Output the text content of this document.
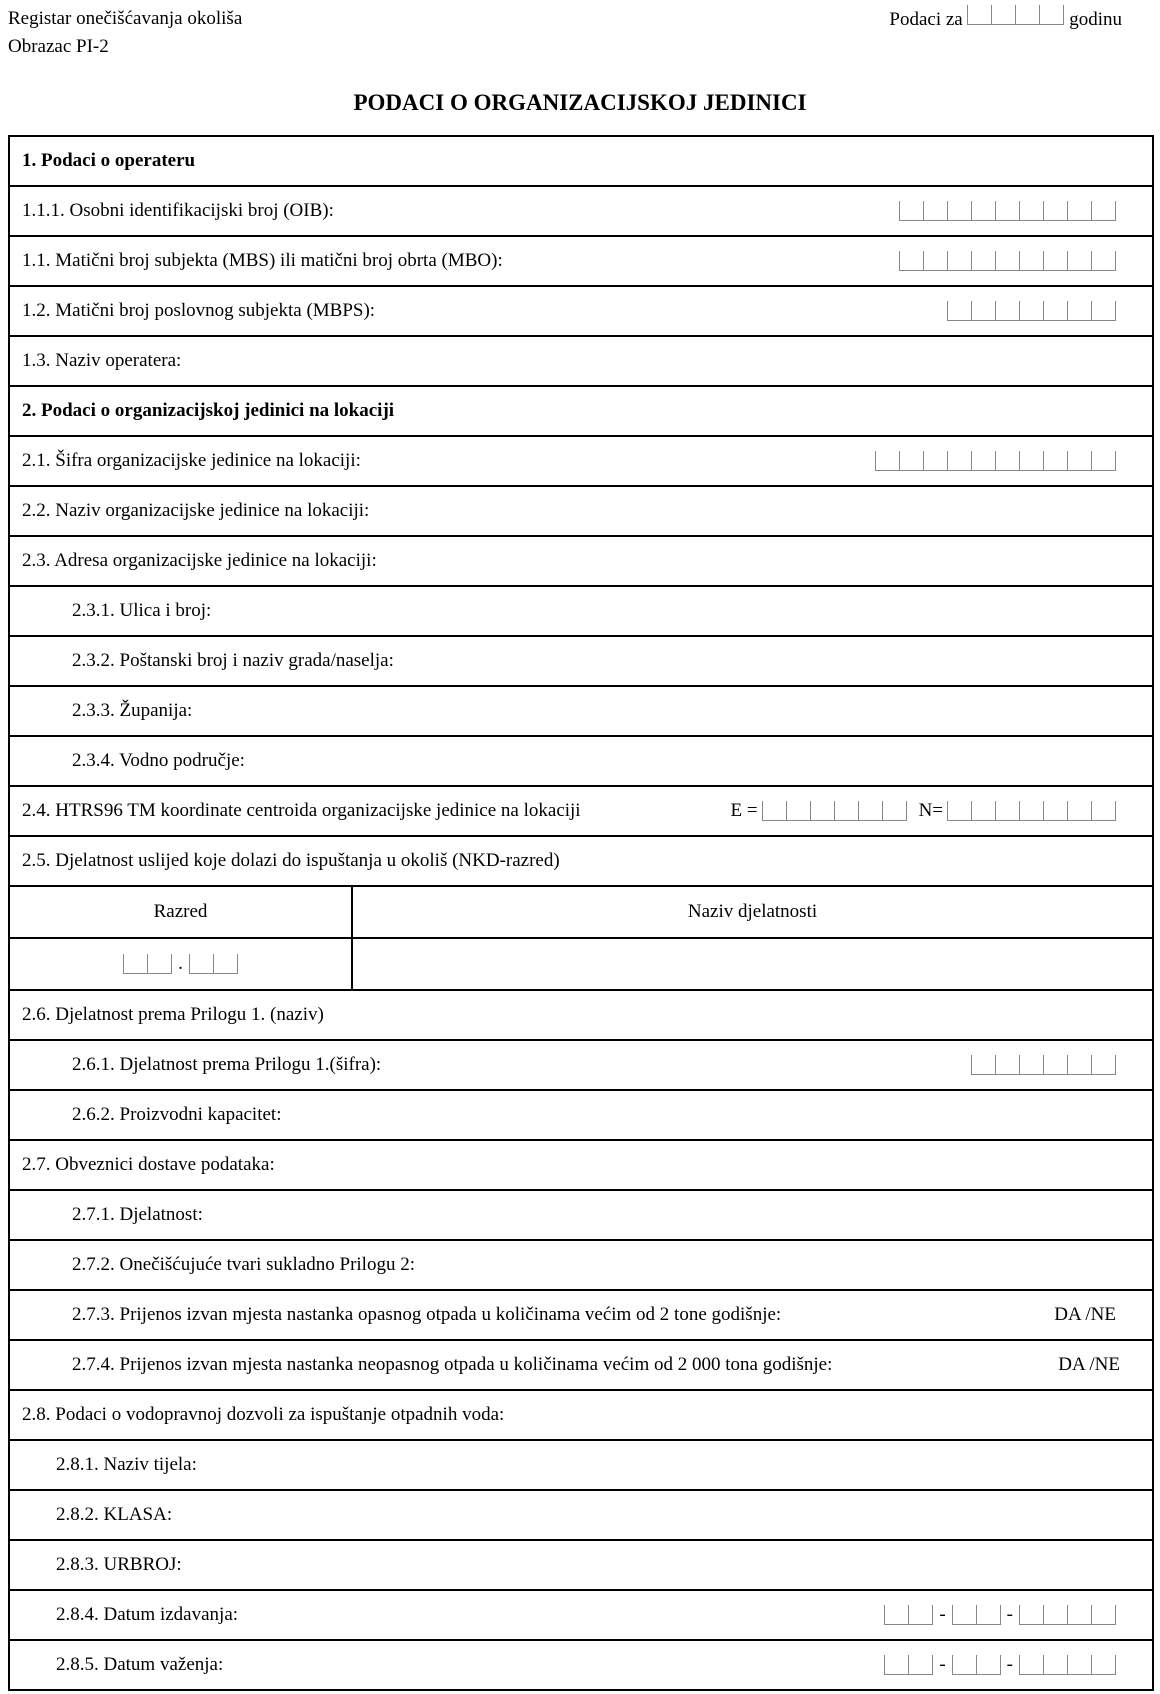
Registar onečišćavanja okoliša
Obrazac PI-2
Podaci za	godinu
PODACI O ORGANIZACIJSKOJ JEDINICI
1. Podaci o operateru
1.1.1. Osobni identifikacijski broj (OIB):
1.1. Matični broj subjekta (MBS) ili matični broj obrta (MBO):
1.2. Matični broj poslovnog subjekta (MBPS):
1.3. Naziv operatera:
2. Podaci o organizacijskoj jedinici na lokaciji
2.1. Šifra organizacijske jedinice na lokaciji:
2.2. Naziv organizacijske jedinice na lokaciji:
2.3. Adresa organizacijske jedinice na lokaciji:
2.3.1. Ulica i broj:
2.3.2. Poštanski broj i naziv grada/naselja:
2.3.3. Županija:
2.3.4. Vodno područje:
2.4. HTRS96 TM koordinate centroida organizacijske jedinice na lokaciji	E =	N=
2.5. Djelatnost uslijed koje dolazi do ispuštanja u okoliš (NKD-razred)
Razred	Naziv djelatnosti
.
2.6. Djelatnost prema Prilogu 1. (naziv)
2.6.1. Djelatnost prema Prilogu 1.(šifra):
2.6.2. Proizvodni kapacitet:
2.7. Obveznici dostave podataka:
2.7.1. Djelatnost:
2.7.2. Onečišćujuće tvari sukladno Prilogu 2:
2.7.3. Prijenos izvan mjesta nastanka opasnog otpada u količinama većim od 2 tone godišnje:	DA /NE
2.7.4. Prijenos izvan mjesta nastanka neopasnog otpada u količinama većim od 2 000 tona godišnje:	DA /NE
2.8. Podaci o vodopravnoj dozvoli za ispuštanje otpadnih voda:
2.8.1. Naziv tijela:
2.8.2. KLASA:
2.8.3. URBROJ:
2.8.4. Datum izdavanja:	-	-
2.8.5. Datum važenja:	-	-
